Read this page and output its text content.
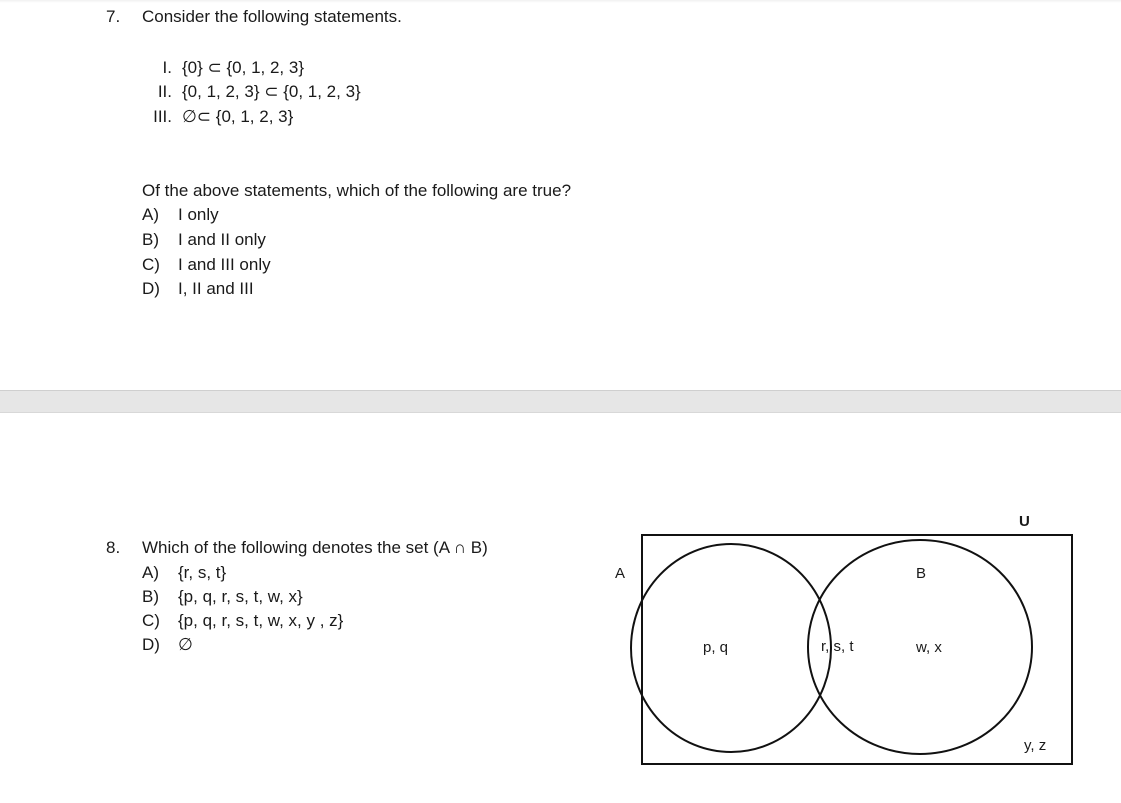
7. Consider the following statements.
I. {0} ⊂ {0, 1, 2, 3}
II. {0, 1, 2, 3} ⊂ {0, 1, 2, 3}
III. ∅⊂ {0, 1, 2, 3}
Of the above statements, which of the following are true?
A) I only
B) I and II only
C) I and III only
D) I, II and III
8. Which of the following denotes the set (A ∩ B)
A) {r, s, t}
B) {p, q, r, s, t, w, x}
C) {p, q, r, s, t, w, x, y , z}
D) ∅
U
A	B
p, q	r, s, t	w, x
y, z
